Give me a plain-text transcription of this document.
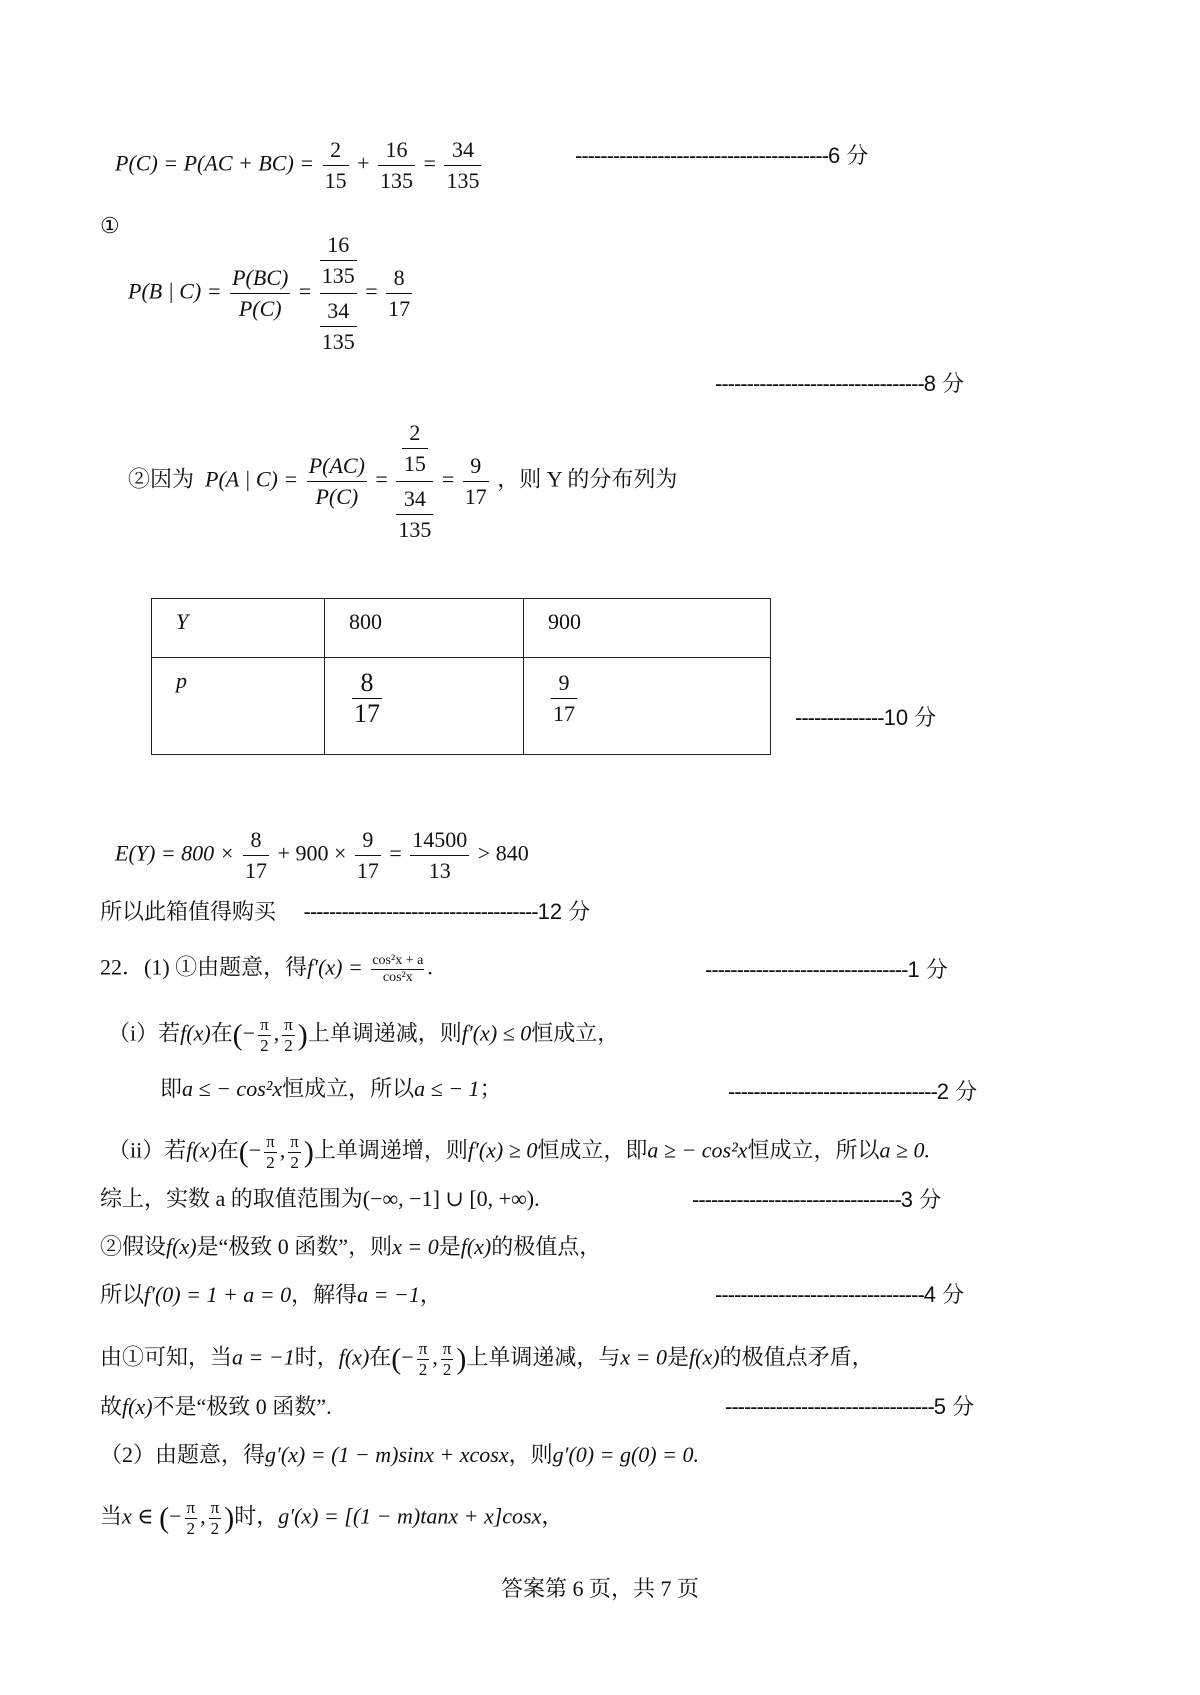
$P(C) = P(AC + BC) = \frac{2}{15} + \frac{16}{135} = \frac{34}{135}$	----------------------------------------6 分
①
P(B | $C) = \frac{P(BC)}{P(C)} = \frac{\frac{16}{135}}{\frac{34}{135}} = \frac{8}{17}$
---------------------------------8 分
②因为 P(A | $C) = \frac{P(AC)}{P(C)} = \frac{\frac{2}{15}}{\frac{34}{135}} = \frac{9}{17}$ ，则 Y 的分布列为
Y	800	900
p	$\frac{8}{17}$	$\frac{9}{17}$	--------------10 分
$E(Y) = 800 \times \frac{8}{17} + 900 \times \frac{9}{17} = \frac{14500}{13} > 840$
所以此箱值得购买 -------------------------------------12 分
22．(1) ①由题意，得$f'(x) = \frac{\text{cos²x + a}}{\text{cos²x}}$ .	--------------------------------1 分
（i）若f(x)在(− $\frac{\pi}{2}$ , $\frac{\pi}{2}$ )上单调递减，则f′(x) ≤ 0恒成立，
即a ≤ − cos²x恒成立，所以a ≤ − 1；	---------------------------------2 分
（ii）若f(x)在(− $\frac{\pi}{2}$ , $\frac{\pi}{2}$ )上单调递增，则f′(x) ≥ 0恒成立，即a ≥ − cos²x恒成立，所以a ≥ 0.
综上，实数 a 的取值范围为(−∞, −1] ∪ [0, +∞).	---------------------------------3 分
②假设f(x)是“极致 0 函数”，则x = 0是f(x)的极值点，
所以f′(0) = 1 + a = 0，解得a = −1，	---------------------------------4 分
由①可知，当a = −1时，f(x)在(− $\frac{\pi}{2}$ , $\frac{\pi}{2}$ )上单调递减，与x = 0是f(x)的极值点矛盾，
故f(x)不是“极致 0 函数”.	---------------------------------5 分
（2）由题意，得g′(x) = (1 − m)sinx + xcosx，则g′(0) = g(0) = 0.
当x ∈ (− $\frac{\pi}{2}$ , $\frac{\pi}{2}$ )时，g′(x) = [(1 − m)tanx + x]cosx，
答案第 6 页，共 7 页
